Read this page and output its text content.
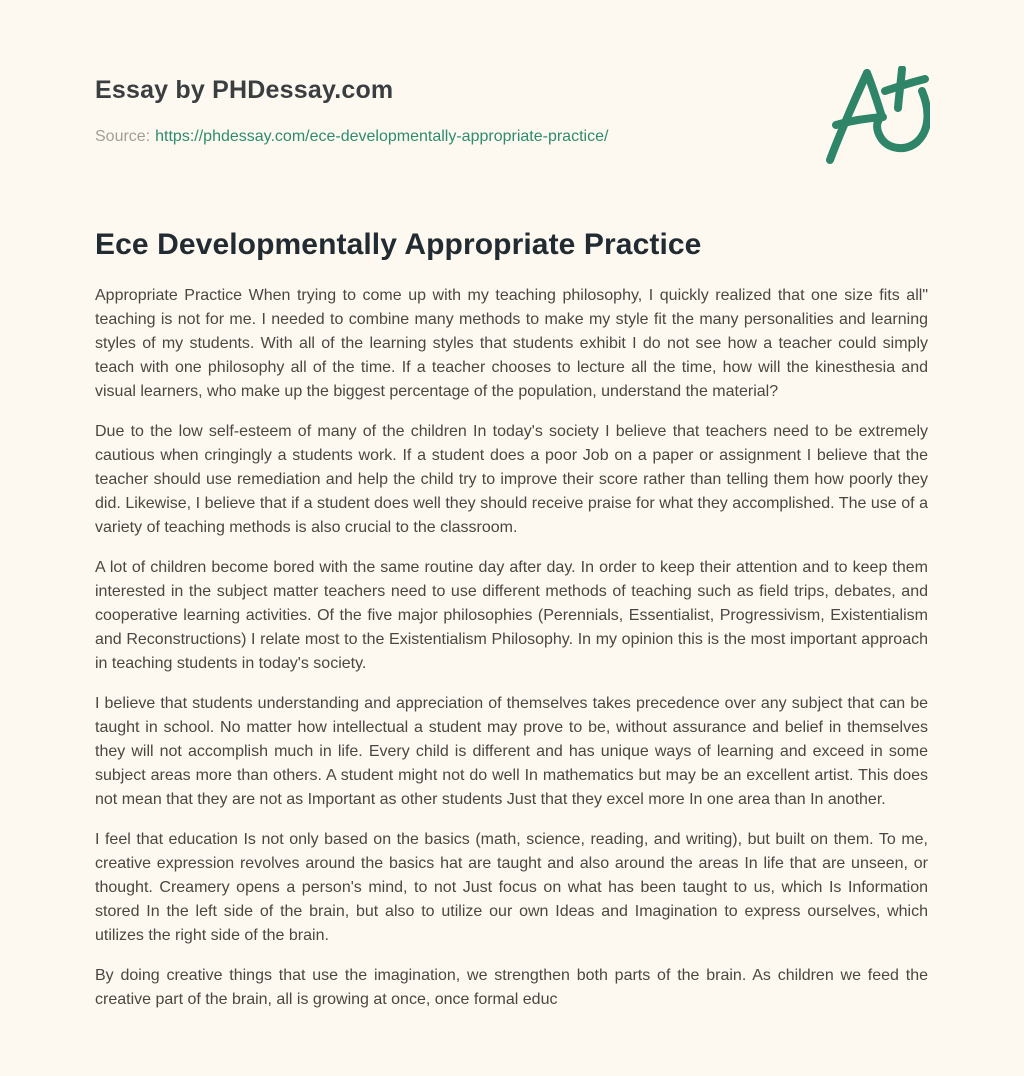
Essay by PHDessay.com
Source: https://phdessay.com/ece-developmentally-appropriate-practice/
Ece Developmentally Appropriate Practice

Appropriate Practice When trying to come up with my teaching philosophy, I quickly realized that one size fits all" teaching is not for me. I needed to combine many methods to make my style fit the many personalities and learning styles of my students. With all of the learning styles that students exhibit I do not see how a teacher could simply teach with one philosophy all of the time. If a teacher chooses to lecture all the time, how will the kinesthesia and visual learners, who make up the biggest percentage of the population, understand the material?

Due to the low self-esteem of many of the children In today's society I believe that teachers need to be extremely cautious when cringingly a students work. If a student does a poor Job on a paper or assignment I believe that the teacher should use remediation and help the child try to improve their score rather than telling them how poorly they did. Likewise, I believe that if a student does well they should receive praise for what they accomplished. The use of a variety of teaching methods is also crucial to the classroom.

A lot of children become bored with the same routine day after day. In order to keep their attention and to keep them interested in the subject matter teachers need to use different methods of teaching such as field trips, debates, and cooperative learning activities. Of the five major philosophies (Perennials, Essentialist, Progressivism, Existentialism and Reconstructions) I relate most to the Existentialism Philosophy. In my opinion this is the most important approach in teaching students in today's society.

I believe that students understanding and appreciation of themselves takes precedence over any subject that can be taught in school. No matter how intellectual a student may prove to be, without assurance and belief in themselves they will not accomplish much in life. Every child is different and has unique ways of learning and exceed in some subject areas more than others. A student might not do well In mathematics but may be an excellent artist. This does not mean that they are not as Important as other students Just that they excel more In one area than In another.

I feel that education Is not only based on the basics (math, science, reading, and writing), but built on them. To me, creative expression revolves around the basics hat are taught and also around the areas In life that are unseen, or thought. Creamery opens a person's mind, to not Just focus on what has been taught to us, which Is Information stored In the left side of the brain, but also to utilize our own Ideas and Imagination to express ourselves, which utilizes the right side of the brain.

By doing creative things that use the imagination, we strengthen both parts of the brain. As children we feed the creative part of the brain, all is growing at once, once formal educ
